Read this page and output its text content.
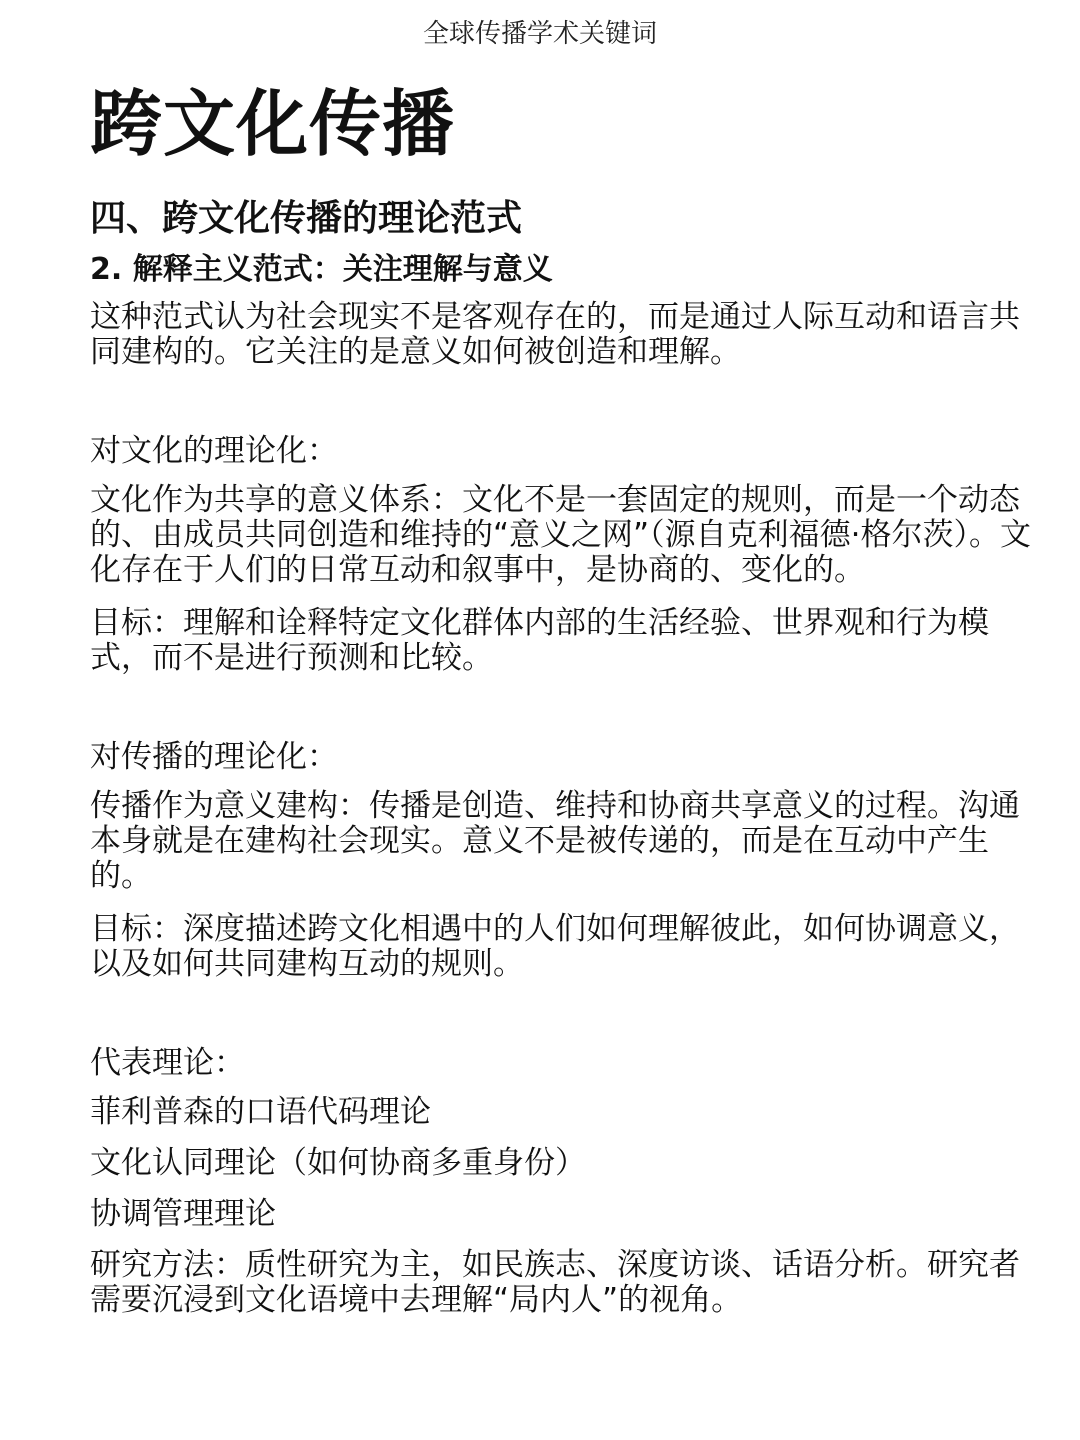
全球传播学术关键词
跨文化传播
四、跨文化传播的理论范式
2. 解释主义范式：关注理解与意义
这种范式认为社会现实不是客观存在的，而是通过人际互动和语言共同建构的。它关注的是意义如何被创造和理解。
对文化的理论化：
文化作为共享的意义体系：文化不是一套固定的规则，而是一个动态的、由成员共同创造和维持的“意义之网”（源自克利福德·格尔茨）。文化存在于人们的日常互动和叙事中，是协商的、变化的。
目标：理解和诠释特定文化群体内部的生活经验、世界观和行为模式，而不是进行预测和比较。
对传播的理论化：
传播作为意义建构：传播是创造、维持和协商共享意义的过程。沟通本身就是在建构社会现实。意义不是被传递的，而是在互动中产生的。
目标：深度描述跨文化相遇中的人们如何理解彼此，如何协调意义，以及如何共同建构互动的规则。
代表理论：
菲利普森的口语代码理论
文化认同理论（如何协商多重身份）
协调管理理论
研究方法：质性研究为主，如民族志、深度访谈、话语分析。研究者需要沉浸到文化语境中去理解“局内人”的视角。
